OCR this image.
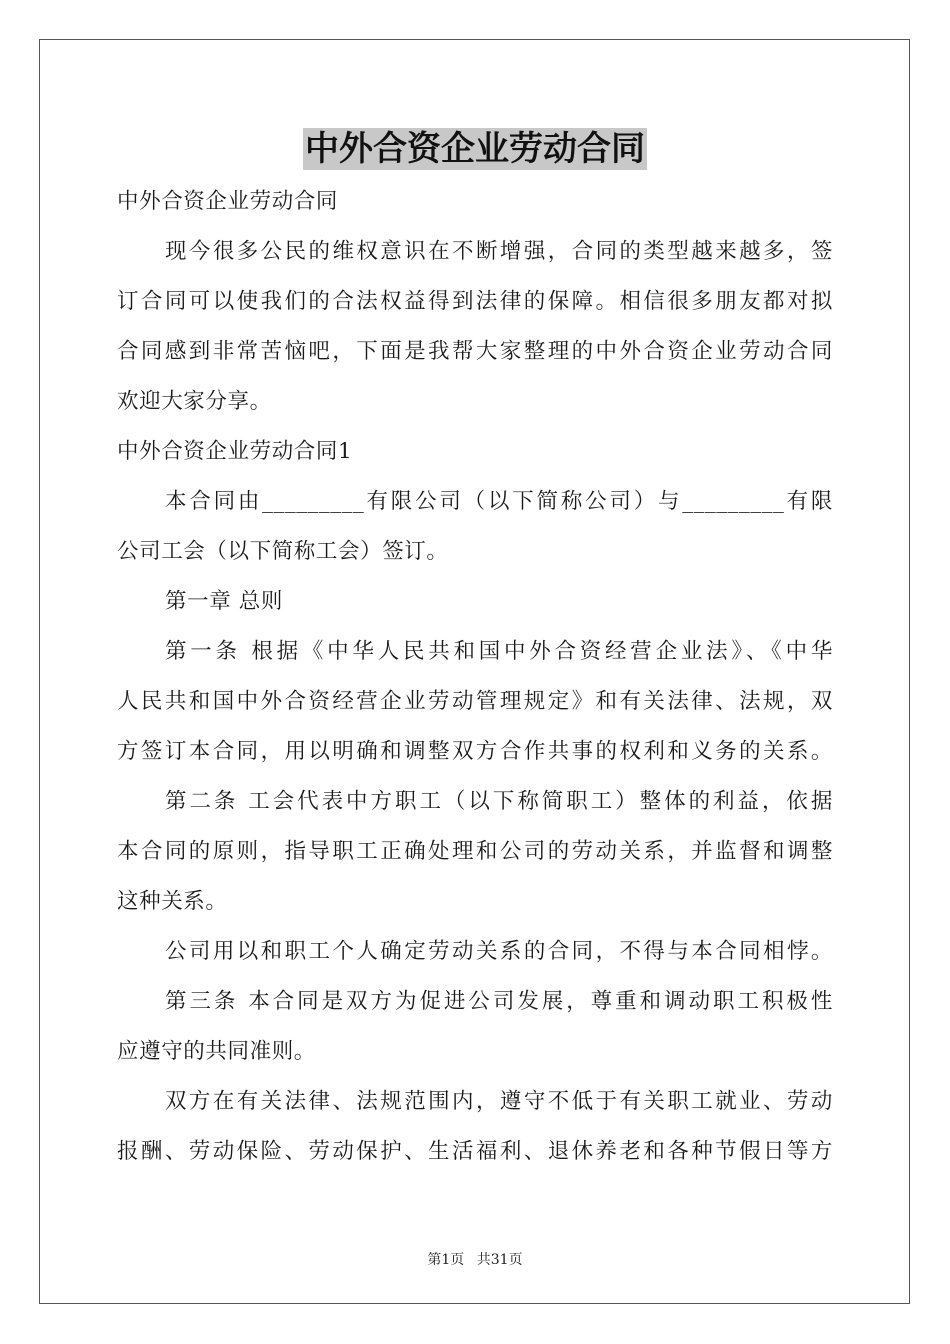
中外合资企业劳动合同
中外合资企业劳动合同
现今很多公民的维权意识在不断增强，合同的类型越来越多，签
订合同可以使我们的合法权益得到法律的保障。相信很多朋友都对拟
合同感到非常苦恼吧，下面是我帮大家整理的中外合资企业劳动合同
欢迎大家分享。
中外合资企业劳动合同1
本合同由_________有限公司（以下简称公司）与_________有限
公司工会（以下简称工会）签订。
第一章 总则
第一条 根据《中华人民共和国中外合资经营企业法》、《中华
人民共和国中外合资经营企业劳动管理规定》和有关法律、法规，双
方签订本合同，用以明确和调整双方合作共事的权利和义务的关系。
第二条 工会代表中方职工（以下称简职工）整体的利益，依据
本合同的原则，指导职工正确处理和公司的劳动关系，并监督和调整
这种关系。
公司用以和职工个人确定劳动关系的合同，不得与本合同相悖。
第三条 本合同是双方为促进公司发展，尊重和调动职工积极性
应遵守的共同准则。
双方在有关法律、法规范围内，遵守不低于有关职工就业、劳动
报酬、劳动保险、劳动保护、生活福利、退休养老和各种节假日等方
第1页 共31页
